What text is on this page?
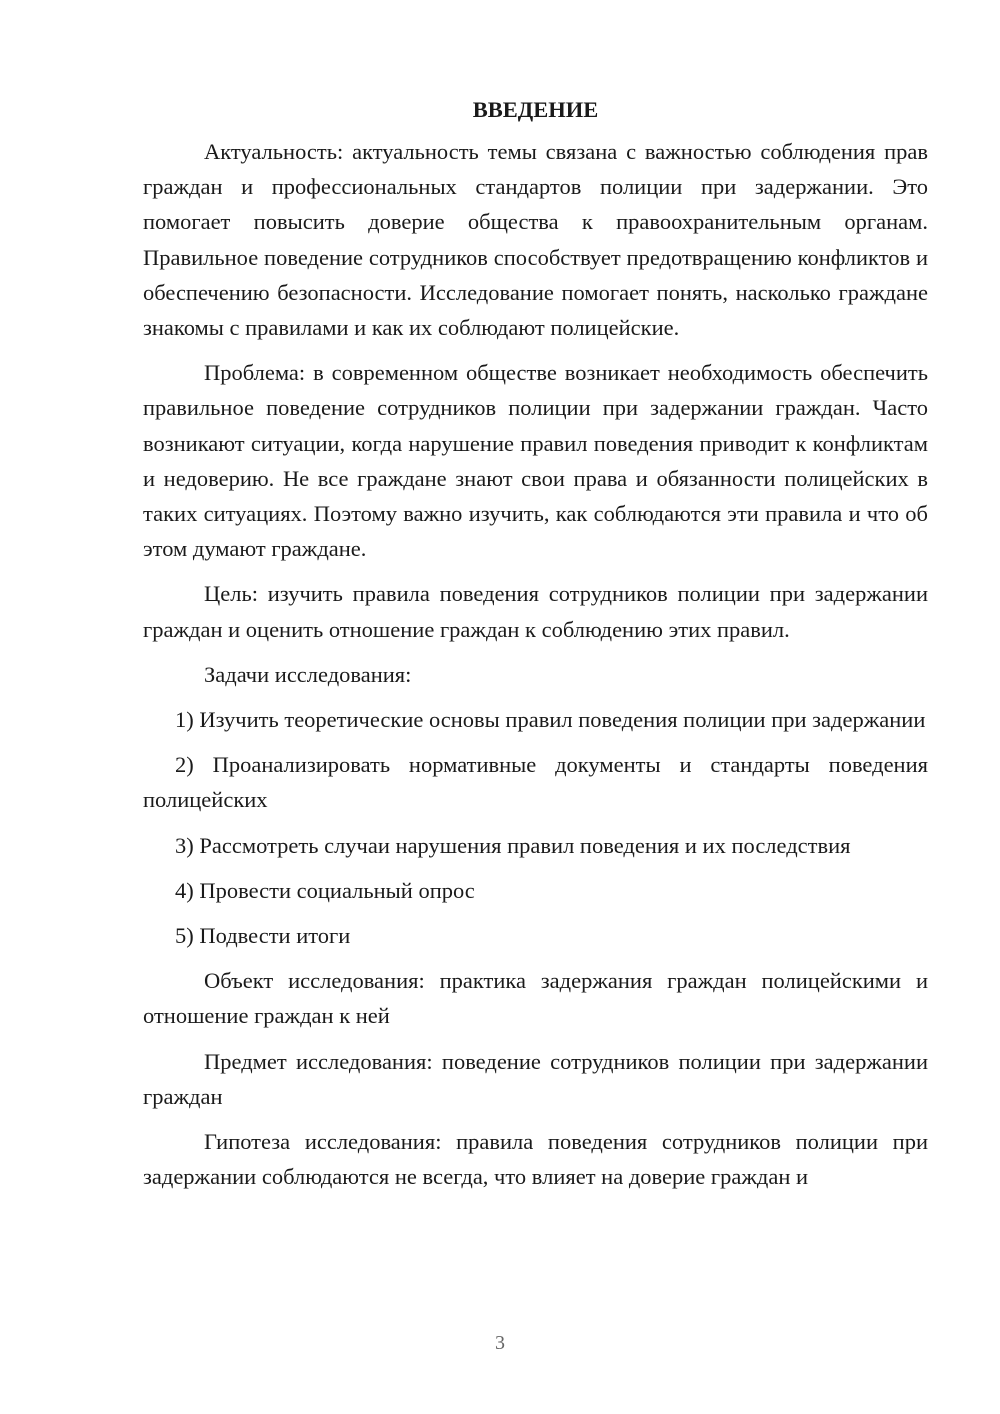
ВВЕДЕНИЕ

Актуальность: актуальность темы связана с важностью соблюдения прав граждан и профессиональных стандартов полиции при задержании. Это помогает повысить доверие общества к правоохранительным органам. Правильное поведение сотрудников способствует предотвращению конфликтов и обеспечению безопасности. Исследование помогает понять, насколько граждане знакомы с правилами и как их соблюдают полицейские.

Проблема: в современном обществе возникает необходимость обеспечить правильное поведение сотрудников полиции при задержании граждан. Часто возникают ситуации, когда нарушение правил поведения приводит к конфликтам и недоверию. Не все граждане знают свои права и обязанности полицейских в таких ситуациях. Поэтому важно изучить, как соблюдаются эти правила и что об этом думают граждане.

Цель: изучить правила поведения сотрудников полиции при задержании граждан и оценить отношение граждан к соблюдению этих правил.

Задачи исследования:

1) Изучить теоретические основы правил поведения полиции при задержании

2) Проанализировать нормативные документы и стандарты поведения полицейских

3) Рассмотреть случаи нарушения правил поведения и их последствия

4) Провести социальный опрос

5) Подвести итоги

Объект исследования: практика задержания граждан полицейскими и отношение граждан к ней

Предмет исследования: поведение сотрудников полиции при задержании граждан

Гипотеза исследования: правила поведения сотрудников полиции при задержании соблюдаются не всегда, что влияет на доверие граждан и

3
